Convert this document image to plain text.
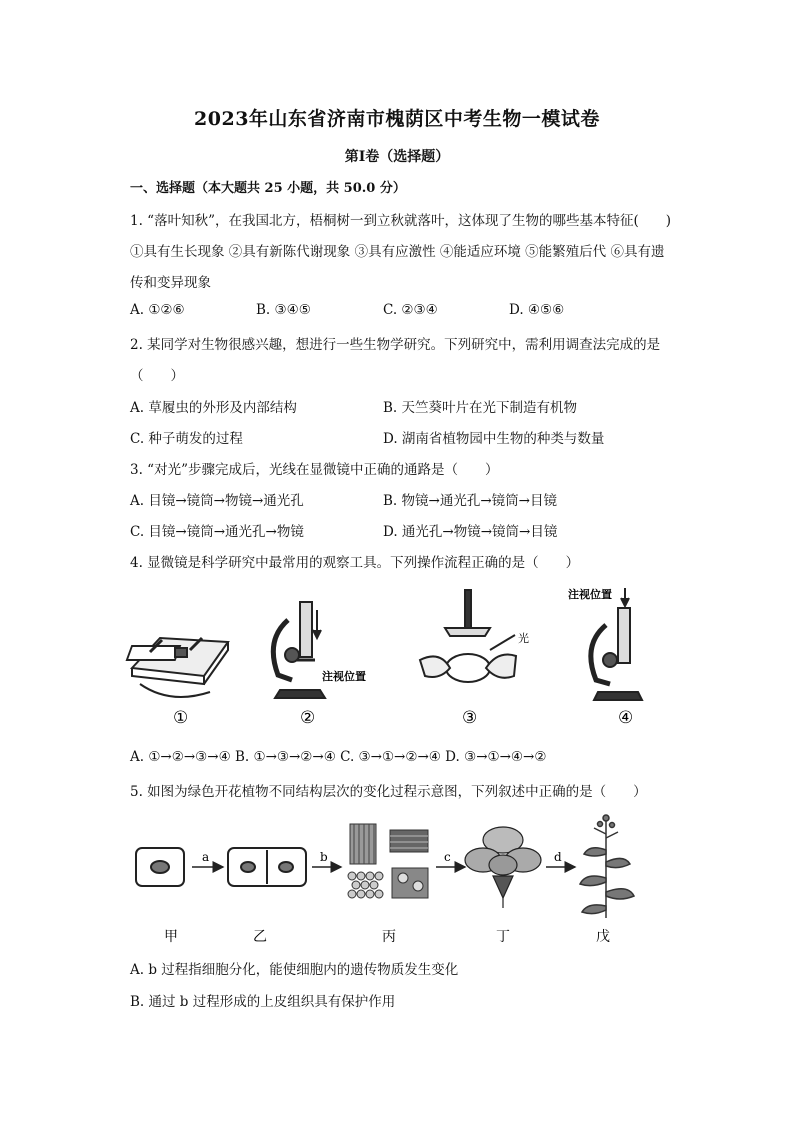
2023年山东省济南市槐荫区中考生物一模试卷
第I卷（选择题）
一、选择题（本大题共 25 小题，共 50.0 分）
1. “落叶知秋”，在我国北方，梧桐树一到立秋就落叶，这体现了生物的哪些基本特征(　　)
①具有生长现象 ②具有新陈代谢现象 ③具有应激性 ④能适应环境 ⑤能繁殖后代 ⑥具有遗
传和变异现象
A. ①②⑥	B. ③④⑤	C. ②③④	D. ④⑤⑥
2. 某同学对生物很感兴趣，想进行一些生物学研究。下列研究中，需利用调查法完成的是
（　　）
A. 草履虫的外形及内部结构	B. 天竺葵叶片在光下制造有机物
C. 种子萌发的过程	D. 湖南省植物园中生物的种类与数量
3. “对光”步骤完成后，光线在显微镜中正确的通路是（　　）
A. 目镜→镜筒→物镜→通光孔	B. 物镜→通光孔→镜筒→目镜
C. 目镜→镜筒→通光孔→物镜	D. 通光孔→物镜→镜筒→目镜
4. 显微镜是科学研究中最常用的观察工具。下列操作流程正确的是（　　）
①
注视位置
②
光
③
注视位置
④
A. ①→②→③→④ B. ①→③→②→④ C. ③→①→②→④ D. ③→①→④→②
5. 如图为绿色开花植物不同结构层次的变化过程示意图，下列叙述中正确的是（　　）
a	b	c	d
甲	乙	丙	丁	戊
A. b 过程指细胞分化，能使细胞内的遗传物质发生变化
B. 通过 b 过程形成的上皮组织具有保护作用
